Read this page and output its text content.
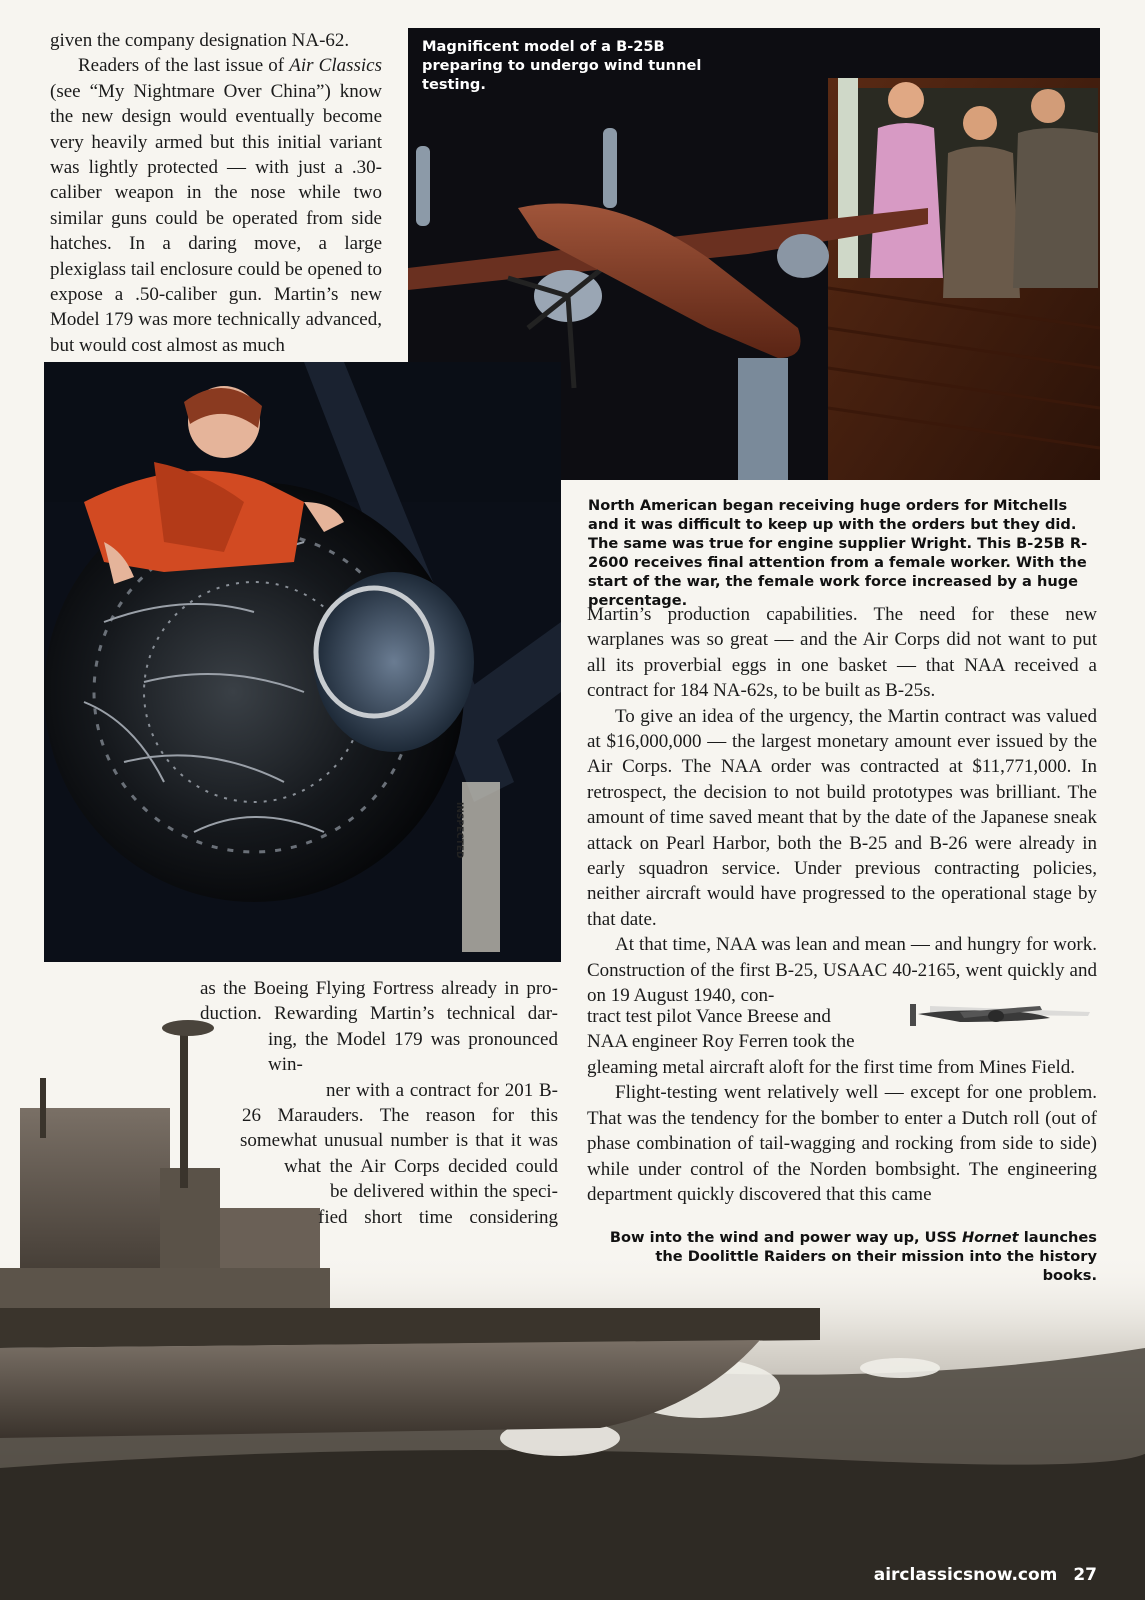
Magnificent model of a B-25B preparing to undergo wind tunnel testing.

given the company designation NA-62.

Readers of the last issue of Air Classics (see “My Nightmare Over China”) know the new design would eventually become very heavily armed but this initial variant was lightly protected — with just a .30-caliber weapon in the nose while two similar guns could be operated from side hatches. In a daring move, a large plexiglass tail enclosure could be opened to expose a .50-caliber gun. Martin’s new Model 179 was more technically advanced, but would cost almost as much

INSPECTED
North American began receiving huge orders for Mitchells and it was difficult to keep up with the orders but they did. The same was true for engine supplier Wright. This B-25B R-2600 receives final attention from a female worker. With the start of the war, the female work force increased by a huge percentage.

Martin’s production capabilities. The need for these new warplanes was so great — and the Air Corps did not want to put all its proverbial eggs in one basket — that NAA received a contract for 184 NA-62s, to be built as B-25s.

To give an idea of the urgency, the Martin contract was valued at $16,000,000 — the largest monetary amount ever issued by the Air Corps. The NAA order was contracted at $11,771,000. In retrospect, the decision to not build prototypes was brilliant. The amount of time saved meant that by the date of the Japanese sneak attack on Pearl Harbor, both the B-25 and B-26 were already in early squadron service. Under previous contracting policies, neither aircraft would have progressed to the operational stage by that date.

At that time, NAA was lean and mean — and hungry for work.

as the Boeing Flying Fortress already in pro-
duction. Rewarding Martin’s technical dar-
ing, the Model 179 was pronounced win-
ner with a contract for 201 B-
26 Marauders. The reason for this
somewhat unusual number is that it was
what the Air Corps decided could
be delivered within the speci-
fied short time considering
Bow into the wind and power way up, USS Hornet launches the Doolittle Raiders on their mission into the history books.
airclassicsnow.com 27
